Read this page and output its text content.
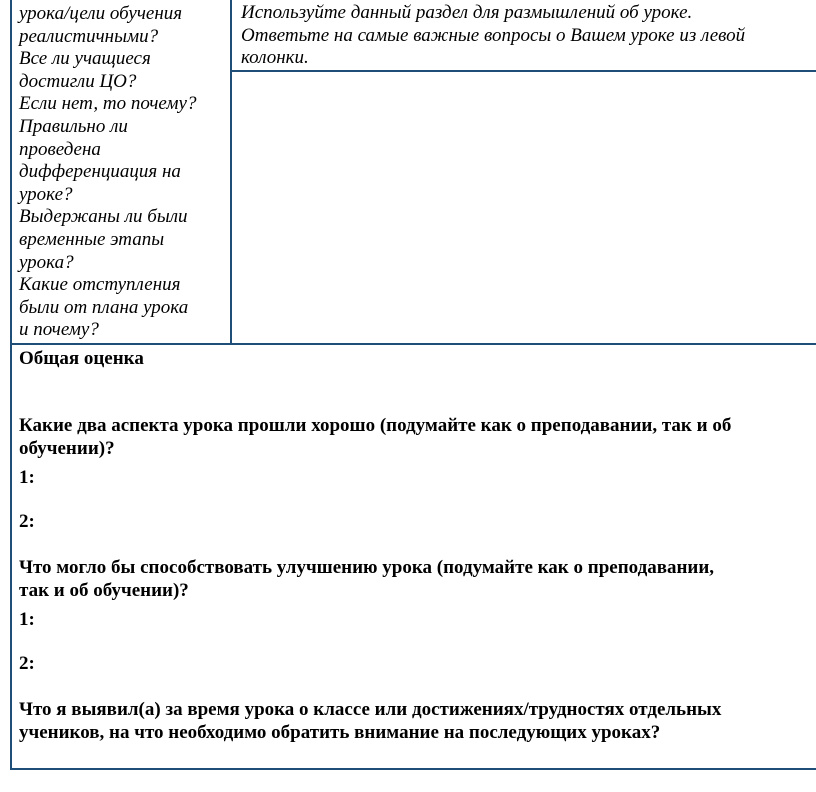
урока/цели обучения
реалистичными?
Все ли учащиеся
достигли ЦО?
Если нет, то почему?
Правильно ли
проведена
дифференциация на
уроке?
Выдержаны ли были
временные этапы
урока?
Какие отступления
были от плана урока
и почему?
Используйте данный раздел для размышлений об уроке.
Ответьте на самые важные вопросы о Вашем уроке из левой
колонки.
Общая оценка
Какие два аспекта урока прошли хорошо (подумайте как о преподавании, так и об
обучении)?
1:
2:
Что могло бы способствовать улучшению урока (подумайте как о преподавании,
так и об обучении)?
1:
2:
Что я выявил(а) за время урока о классе или достижениях/трудностях отдельных
учеников, на что необходимо обратить внимание на последующих уроках?
